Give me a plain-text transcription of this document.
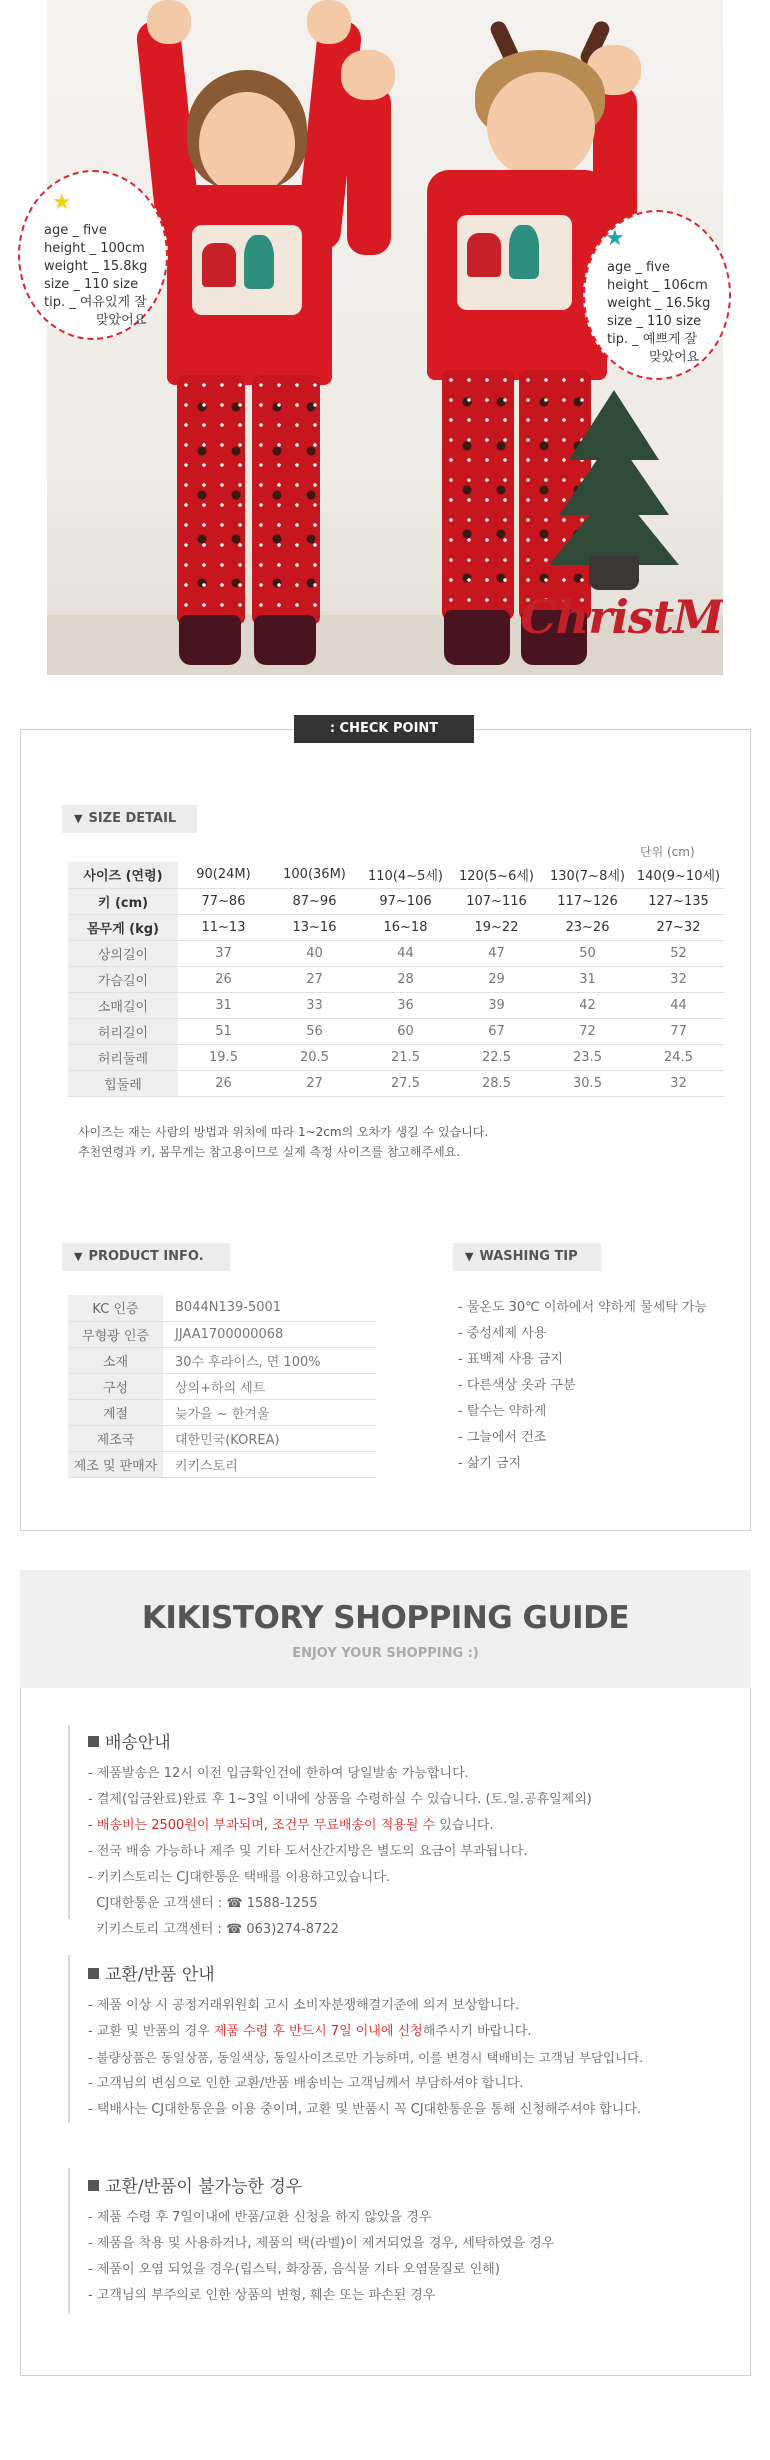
ChristM
★
age _ five
height _ 100cm
weight _ 15.8kg
size _ 110 size
tip. _ 여유있게 잘
맞았어요
★
age _ five
height _ 106cm
weight _ 16.5kg
size _ 110 size
tip. _ 예쁘게 잘
맞았어요
: CHECK POINT
▼ SIZE DETAIL
단위 (cm)
사이즈 (연령)	90(24M)	100(36M)	110(4~5세)	120(5~6세)	130(7~8세)	140(9~10세)
키 (cm)	77~86	87~96	97~106	107~116	117~126	127~135
몸무게 (kg)	11~13	13~16	16~18	19~22	23~26	27~32
상의길이	37	40	44	47	50	52
가슴길이	26	27	28	29	31	32
소매길이	31	33	36	39	42	44
허리길이	51	56	60	67	72	77
허리둘레	19.5	20.5	21.5	22.5	23.5	24.5
힙둘레	26	27	27.5	28.5	30.5	32
사이즈는 재는 사람의 방법과 위치에 따라 1~2cm의 오차가 생길 수 있습니다.
추천연령과 키, 몸무게는 참고용이므로 실제 측정 사이즈를 참고해주세요.
▼ PRODUCT INFO.	▼ WASHING TIP
KC 인증	B044N139-5001
무형광 인증	JJAA1700000068
소재	30수 후라이스, 면 100%
구성	상의+하의 세트
계절	늦가을 ~ 한겨울
제조국	대한민국(KOREA)
제조 및 판매자	키키스토리
- 물온도 30℃ 이하에서 약하게 물세탁 가능
- 중성세제 사용
- 표백제 사용 금지
- 다른색상 옷과 구분
- 탈수는 약하게
- 그늘에서 건조
- 삶기 금지
KIKISTORY SHOPPING GUIDE
ENJOY YOUR SHOPPING :)
배송안내
- 제품발송은 12시 이전 입금확인건에 한하여 당일발송 가능합니다.
- 결제(입금완료)완료 후 1~3일 이내에 상품을 수령하실 수 있습니다. (토.일.공휴일제외)
- 배송비는 2500원이 부과되며, 조건무 무료배송이 적용될 수 있습니다.
- 전국 배송 가능하나 제주 및 기타 도서산간지방은 별도의 요금이 부과됩니다.
- 키키스토리는 CJ대한통운 택배를 이용하고있습니다.
CJ대한통운 고객센터 : ☎ 1588-1255
키키스토리 고객센터 : ☎ 063)274-8722
교환/반품 안내
- 제품 이상 시 공정거래위원회 고시 소비자분쟁해결기준에 의거 보상합니다.
- 교환 및 반품의 경우 제품 수령 후 반드시 7일 이내에 신청해주시기 바랍니다.
- 불량상품은 동일상품, 동일색상, 동일사이즈로만 가능하며, 이를 변경시 택배비는 고객님 부담입니다.
- 고객님의 변심으로 인한 교환/반품 배송비는 고객님께서 부담하셔야 합니다.
- 택배사는 CJ대한통운을 이용 중이며, 교환 및 반품시 꼭 CJ대한통운을 통해 신청해주셔야 합니다.
교환/반품이 불가능한 경우
- 제품 수령 후 7일이내에 반품/교환 신청을 하지 않았을 경우
- 제품을 착용 및 사용하거나, 제품의 택(라벨)이 제거되었을 경우, 세탁하였을 경우
- 제품이 오염 되었을 경우(립스틱, 화장품, 음식물 기타 오염물질로 인해)
- 고객님의 부주의로 인한 상품의 변형, 훼손 또는 파손된 경우
